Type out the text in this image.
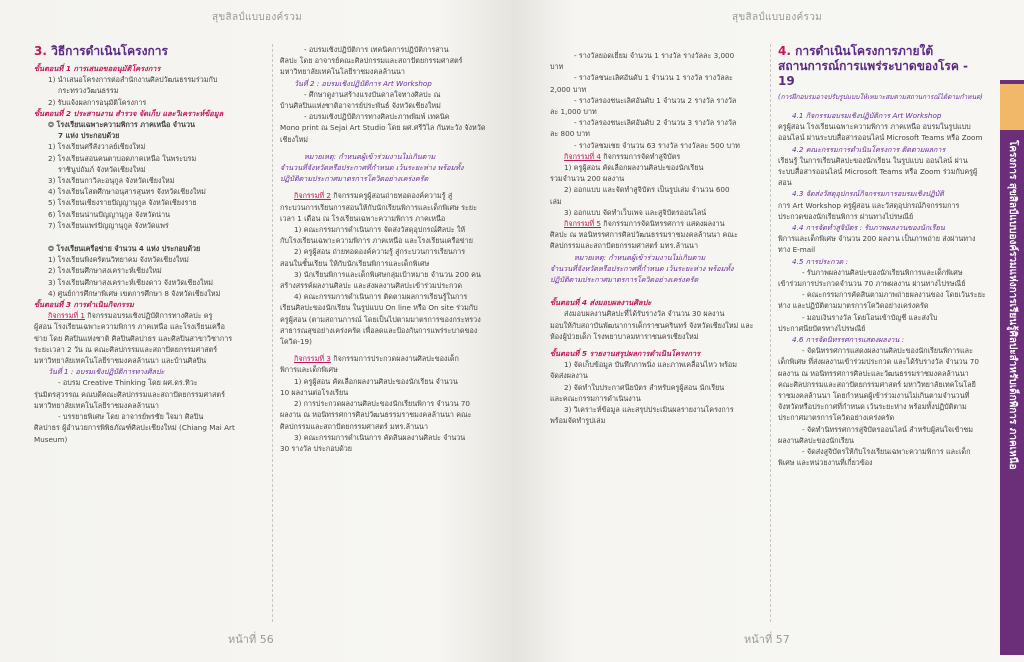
สุขสิลป์แบบองค์รวม
3. วิธีการดำเนินโครงการ

ขั้นตอนที่ 1 การเสนอขออนุมัติโครงการ

1) นำเสนอโครงการต่อสำนักงานศิลปวัฒนธรรมร่วมกับ

กระทรวงวัฒนธรรม

2) รับแจ้งผลการอนุมัติโครงการ

ขั้นตอนที่ 2 ประสานงาน สำรวจ จัดเก็บ และวิเคราะห์ข้อมูล

❂ โรงเรียนเฉพาะความพิการ ภาคเหนือ จำนวน

7 แห่ง ประกอบด้วย

1) โรงเรียนศรีสังวาลย์เชียงใหม่

2) โรงเรียนสอนคนตาบอดภาคเหนือ ในพระบรม

ราชินูปถัมภ์ จังหวัดเชียงใหม่

3) โรงเรียนกาวิละอนุกูล จังหวัดเชียงใหม่

4) โรงเรียนโสตศึกษาอนุสารสุนทร จังหวัดเชียงใหม่

5) โรงเรียนเชียงรายปัญญานุกูล จังหวัดเชียงราย

6) โรงเรียนน่านปัญญานุกูล จังหวัดน่าน

7) โรงเรียนแพร่ปัญญานุกูล จังหวัดแพร่

❂ โรงเรียนเครือข่าย จำนวน 4 แห่ง ประกอบด้วย

1) โรงเรียนพิงครัตนวิทยาคม จังหวัดเชียงใหม่

2) โรงเรียนศึกษาสงเคราะห์เชียงใหม่

3) โรงเรียนศึกษาสงเคราะห์เชียงดาว จังหวัดเชียงใหม่

4) ศูนย์การศึกษาพิเศษ เขตการศึกษา 8 จังหวัดเชียงใหม่

ขั้นตอนที่ 3 การดำเนินกิจกรรม

กิจกรรมที่ 1 กิจกรรมอบรมเชิงปฏิบัติการทางศิลปะ ครู

ผู้สอน โรงเรียนเฉพาะความพิการ ภาคเหนือ และโรงเรียนเครือ

ข่าย โดย ศิลปินแห่งชาติ ศิลปินศิลปาธร และศิลปินสาขาวิชาการ

ระยะเวลา 2 วัน ณ คณะศิลปกรรมและสถาปัตยกรรมศาสตร์

มหาวิทยาลัยเทคโนโลยีราชมงคลล้านนา และบ้านศิลปิน

วันที่ 1 : อบรมเชิงปฏิบัติการทางศิลปะ

- อบรม Creative Thinking โดย ผศ.ดร.ทิวะ

รุ่นมิตรสุวรรณ คณบดีคณะศิลปกรรมและสถาปัตยกรรมศาสตร์

มหาวิทยาลัยเทคโนโลยีราชมงคลล้านนา

- บรรยายพิเศษ โดย อาจารย์พรชัย ใจมา ศิลปิน

ศิลปาธร ผู้อำนวยการพิพิธภัณฑ์ศิลปะเชียงใหม่ (Chiang Mai Art

Museum)

- อบรมเชิงปฏิบัติการ เทคนิคการปฏิบัติการสาน

ศิลปะ โดย อาจารย์คณะศิลปกรรมและสถาปัตยกรรมศาสตร์

มหาวิทยาลัยเทคโนโลยีราชมงคลล้านนา

วันที่ 2 : อบรมเชิงปฏิบัติการ Art Workshop

- ศึกษาดูงานสร้างแรงบันดาลใจทางศิลปะ ณ

บ้านศิลปินแห่งชาติอาจารย์ประพันธ์ จังหวัดเชียงใหม่

- อบรมเชิงปฏิบัติการทางศิลปะภาพพิมพ์ เทคนิค

Mono print ณ Sejai Art Studio โดย ผศ.ศรีวิไล กันทะวัง จังหวัด

เชียงใหม่

หมายเหตุ: กำหนดผู้เข้าร่วมงานไม่เกินตาม

จำนวนที่จังหวัดหรือประกาศที่กำหนด เว้นระยะห่าง พร้อมทั้ง

ปฏิบัติตามประกาศมาตรการโควิดอย่างเคร่งครัด

กิจกรรมที่ 2 กิจกรรมครูผู้สอนถ่ายทอดองค์ความรู้ สู่

กระบวนการเรียนการสอนให้กับนักเรียนพิการและเด็กพิเศษ ระยะ

เวลา 1 เดือน ณ โรงเรียนเฉพาะความพิการ ภาคเหนือ

1) คณะกรรมการดำเนินการ จัดส่งวัสดุอุปกรณ์ศิลปะ ให้

กับโรงเรียนเฉพาะความพิการ ภาคเหนือ และโรงเรียนเครือข่าย

2) ครูผู้สอน ถ่ายทอดองค์ความรู้ สู่กระบวนการเรียนการ

สอนในชั้นเรียน ให้กับนักเรียนพิการและเด็กพิเศษ

3) นักเรียนพิการและเด็กพิเศษกลุ่มเป้าหมาย จำนวน 200 คน

สร้างสรรค์ผลงานศิลปะ และส่งผลงานศิลปะเข้าร่วมประกวด

4) คณะกรรมการดำเนินการ ติดตามผลการเรียนรู้ในการ

เรียนศิลปะของนักเรียน ในรูปแบบ On line หรือ On site ร่วมกับ

ครูผู้สอน (ตามสถานการณ์ โดยเป็นไปตามมาตรการของกระทรวง

สาธารณสุขอย่างเคร่งครัด เพื่อลดและป้องกันการแพร่ระบาดของ

โควิด-19)

กิจกรรมที่ 3 กิจกรรมการประกวดผลงานศิลปะของเด็ก

พิการและเด็กพิเศษ

1) ครูผู้สอน คัดเลือกผลงานศิลปะของนักเรียน จำนวน

10 ผลงานต่อโรงเรียน

2) การประกวดผลงานศิลปะของนักเรียนพิการ จำนวน 70

ผลงาน ณ หอนิทรรศการศิลปวัฒนธรรมราชมงคลล้านนา คณะ

ศิลปกรรมและสถาปัตยกรรมศาสตร์ มทร.ล้านนา

3) คณะกรรมการดำเนินการ คัดสินผลงานศิลปะ จำนวน

30 รางวัล ประกอบด้วย

หน้าที่ 56
สุขสิลป์แบบองค์รวม

- รางวัลยอดเยี่ยม จำนวน 1 รางวัล รางวัลละ 3,000

บาท

- รางวัลชนะเลิศอันดับ 1 จำนวน 1 รางวัล รางวัลละ

2,000 บาท

- รางวัลรองชนะเลิศอันดับ 1 จำนวน 2 รางวัล รางวัล

ละ 1,000 บาท

- รางวัลรองชนะเลิศอันดับ 2 จำนวน 3 รางวัล รางวัล

ละ 800 บาท

- รางวัลชมเชย จำนวน 63 รางวัล รางวัลละ 500 บาท

กิจกรรมที่ 4 กิจกรรมการจัดทำสูจิบัตร

1) ครูผู้สอน คัดเลือกผลงานศิลปะของนักเรียน

รวมจำนวน 200 ผลงาน

2) ออกแบบ และจัดทำสูจิบัตร เป็นรูปเล่ม จำนวน 600

เล่ม

3) ออกแบบ จัดทำเว็บเพจ และสูจิบัตรออนไลน์

กิจกรรมที่ 5 กิจกรรมการจัดนิทรรศการ แสดงผลงาน

ศิลปะ ณ หอนิทรรศการศิลปวัฒนธรรมราชมงคลล้านนา คณะ

ศิลปกรรมและสถาปัตยกรรมศาสตร์ มทร.ล้านนา

หมายเหตุ: กำหนดผู้เข้าร่วมงานไม่เกินตาม

จำนวนที่จังหวัดหรือประกาศที่กำหนด เว้นระยะห่าง พร้อมทั้ง

ปฏิบัติตามประกาศมาตรการโควิดอย่างเคร่งครัด

ขั้นตอนที่ 4 ส่งมอบผลงานศิลปะ

ส่งมอบผลงานศิลปะที่ได้รับรางวัล จำนวน 30 ผลงาน

มอบให้กับสถาบันพัฒนาการเด็กราชนครินทร์ จังหวัดเชียงใหม่ และ

ห้องผู้ป่วยเด็ก โรงพยาบาลมหาราชนครเชียงใหม่

ขั้นตอนที่ 5 รายงานสรุปผลการดำเนินโครงการ

1) จัดเก็บข้อมูล บันทึกภาพนิ่ง และภาพเคลื่อนไหว พร้อม

จัดส่งผลงาน

2) จัดทำใบประกาศนียบัตร สำหรับครูผู้สอน นักเรียน

และคณะกรรมการดำเนินงาน

3) วิเคราะห์ข้อมูล และสรุปประเมินผลรายงานโครงการ

พร้อมจัดทำรูปเล่ม

4. การดำเนินโครงการภายใต้สถานการณ์การแพร่ระบาดของโรค - 19
(การฝึกอบรมอาจปรับรูปแบบให้เหมาะสมตามสถานการณ์ได้ตามกำหนด)

4.1 กิจกรรมอบรมเชิงปฏิบัติการ Art Workshop

ครูผู้สอน โรงเรียนเฉพาะความพิการ ภาคเหนือ อบรมในรูปแบบ

ออนไลน์ ผ่านระบบสื่อสารออนไลน์ Microsoft Teams หรือ Zoom

4.2 คณะกรรมการดำเนินโครงการ ติดตามผลการ

เรียนรู้ ในการเรียนศิลปะของนักเรียน ในรูปแบบ ออนไลน์ ผ่าน

ระบบสื่อสารออนไลน์ Microsoft Teams หรือ Zoom ร่วมกับครูผู้

สอน

4.3 จัดส่งวัสดุอุปกรณ์กิจกรรมการอบรมเชิงปฏิบัติ

การ Art Workshop ครูผู้สอน และวัสดุอุปกรณ์กิจกรรมการ

ประกวดของนักเรียนพิการ ผ่านทางไปรษณีย์

4.4 การจัดทำสูจิบัตร : รับภาพผลงานของนักเรียน

พิการและเด็กพิเศษ จำนวน 200 ผลงาน เป็นภาพถ่าย ส่งผ่านทาง

ทาง E-mail

4.5 การประกวด :

- รับภาพผลงานศิลปะของนักเรียนพิการและเด็กพิเศษ

เข้าร่วมการประกวดจำนวน 70 ภาพผลงาน ผ่านทางไปรษณีย์

- คณะกรรมการคัดสินตามภาพถ่ายผลงานของ โดยเว้นระยะ

ห่าง และปฏิบัติตามมาตรการโควิดอย่างเคร่งครัด

- มอบเงินรางวัล โดยโอนเข้าบัญชี และส่งใบ

ประกาศนียบัตรทางไปรษณีย์

4.6 การจัดนิทรรศการแสดงผลงาน :

- จัดนิทรรศการแสดงผลงานศิลปะของนักเรียนพิการและ

เด็กพิเศษ ที่ส่งผลงานเข้าร่วมประกวด และได้รับรางวัล จำนวน 70

ผลงาน ณ หอนิทรรศการศิลปะและวัฒนธรรมราชมงคลล้านนา

คณะศิลปกรรมและสถาปัตยกรรมศาสตร์ มหาวิทยาลัยเทคโนโลยี

ราชมงคลล้านนา โดยกำหนดผู้เข้าร่วมงานไม่เกินตามจำนวนที่

จังหวัดหรือประกาศที่กำหนด เว้นระยะห่าง พร้อมทั้งปฏิบัติตาม

ประกาศมาตรการโควิดอย่างเคร่งครัด

- จัดทำนิทรรศการสูจิบัตรออนไลน์ สำหรับผู้สนใจเข้าชม

ผลงานศิลปะของนักเรียน

- จัดส่งสูจิบัตรให้กับโรงเรียนเฉพาะความพิการ และเด็ก

พิเศษ และหน่วยงานที่เกี่ยวข้อง

หน้าที่ 57
โครงการ สุขสิลป์แบบองค์รวมแห่งการเรียนรู้ศิลปะสำหรับเด็กพิการ ภาคเหนือ
